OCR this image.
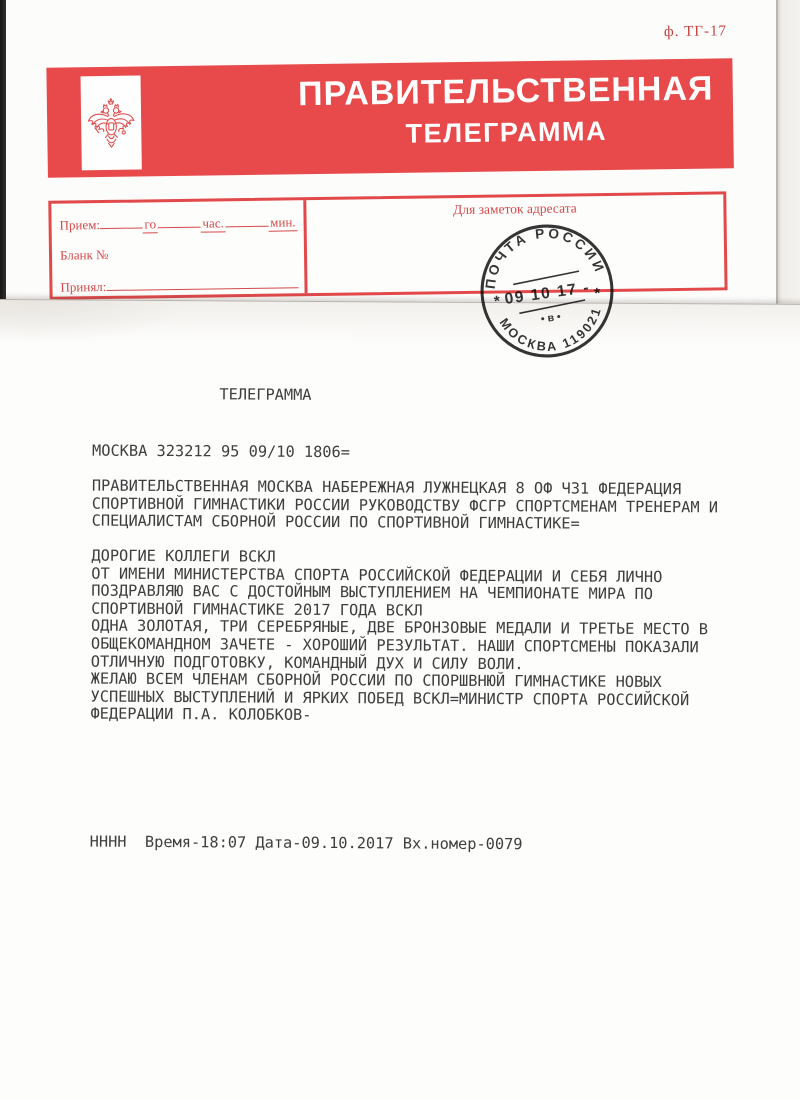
ф. ТГ-17
ПРАВИТЕЛЬСТВЕННАЯ
ТЕЛЕГРАММА
Прием:	го	час.	мин.
Бланк №
Принял:
Для заметок адресата
ТЕЛЕГРАММА
МОСКВА 323212 95 09/10 1806=
ПРАВИТЕЛЬСТВЕННАЯ МОСКВА НАБЕРЕЖНАЯ ЛУЖНЕЦКАЯ 8 ОФ Ч31 ФЕДЕРАЦИЯ
СПОРТИВНОЙ ГИМНАСТИКИ РОССИИ РУКОВОДСТВУ ФСГР СПОРТСМЕНАМ ТРЕНЕРАМ И
СПЕЦИАЛИСТАМ СБОРНОЙ РОССИИ ПО СПОРТИВНОЙ ГИМНАСТИКЕ=
ДОРОГИЕ КОЛЛЕГИ ВСКЛ
ОТ ИМЕНИ МИНИСТЕРСТВА СПОРТА РОССИЙСКОЙ ФЕДЕРАЦИИ И СЕБЯ ЛИЧНО
ПОЗДРАВЛЯЮ ВАС С ДОСТОЙНЫМ ВЫСТУПЛЕНИЕМ НА ЧЕМПИОНАТЕ МИРА ПО
СПОРТИВНОЙ ГИМНАСТИКЕ 2017 ГОДА ВСКЛ
ОДНА ЗОЛОТАЯ, ТРИ СЕРЕБРЯНЫЕ, ДВЕ БРОНЗОВЫЕ МЕДАЛИ И ТРЕТЬЕ МЕСТО В
ОБЩЕКОМАНДНОМ ЗАЧЕТЕ - ХОРОШИЙ РЕЗУЛЬТАТ. НАШИ СПОРТСМЕНЫ ПОКАЗАЛИ
ОТЛИЧНУЮ ПОДГОТОВКУ, КОМАНДНЫЙ ДУХ И СИЛУ ВОЛИ.
ЖЕЛАЮ ВСЕМ ЧЛЕНАМ СБОРНОЙ РОССИИ ПО СПОРШВНЮЙ ГИМНАСТИКЕ НОВЫХ
УСПЕШНЫХ ВЫСТУПЛЕНИЙ И ЯРКИХ ПОБЕД ВСКЛ=МИНИСТР СПОРТА РОССИЙСКОЙ
ФЕДЕРАЦИИ П.А. КОЛОБКОВ-
НННН  Время-18:07 Дата-09.10.2017 Вх.номер-0079
ПОЧТА РОССИИ
МОСКВА 119021
* 09 10 17 - *
• в •
